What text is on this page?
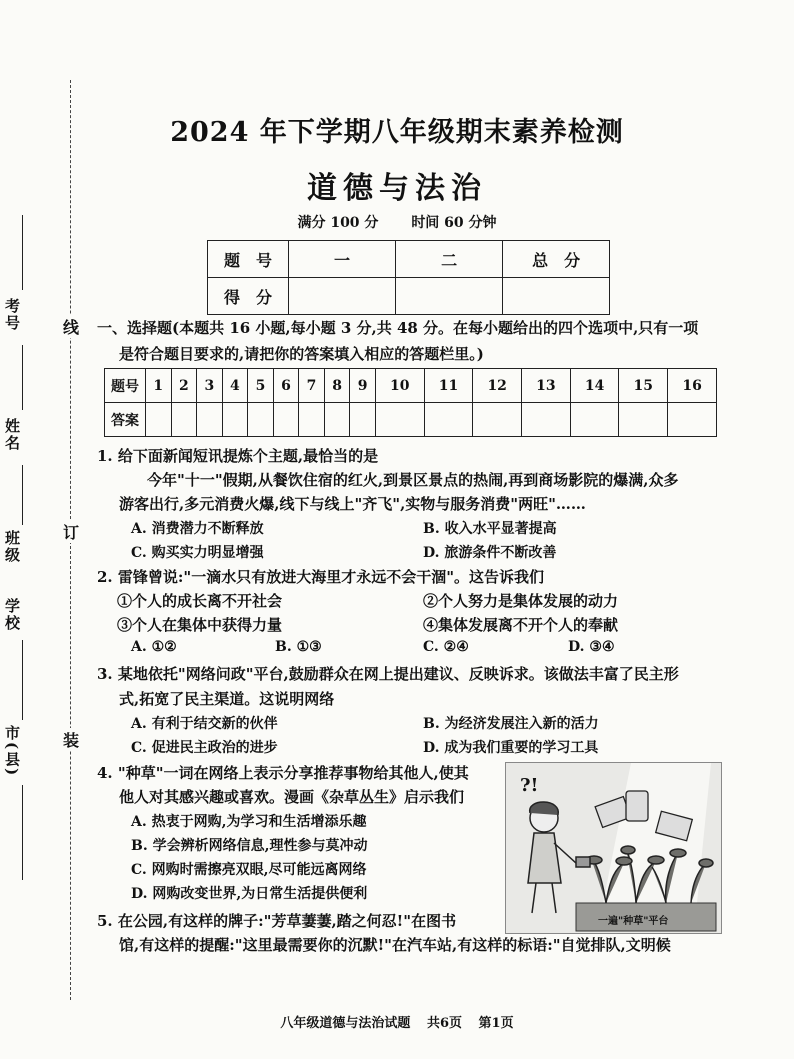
考号
姓名
班级
学校
市(县)
线
订
装
2024 年下学期八年级期末素养检测
道德与法治
满分 100 分 时间 60 分钟
题　号	一	二	总　分
得　分			
一、选择题(本题共 16 小题,每小题 3 分,共 48 分。在每小题给出的四个选项中,只有一项
是符合题目要求的,请把你的答案填入相应的答题栏里。)
题号	1	2	3	4	5	6	7	8	9	10	11	12	13	14	15	16
答案																
1. 给下面新闻短讯提炼个主题,最恰当的是
今年"十一"假期,从餐饮住宿的红火,到景区景点的热闹,再到商场影院的爆满,众多
游客出行,多元消费火爆,线下与线上"齐飞",实物与服务消费"两旺"……
A. 消费潜力不断释放	B. 收入水平显著提高
C. 购买实力明显增强	D. 旅游条件不断改善
2. 雷锋曾说:"一滴水只有放进大海里才永远不会干涸"。这告诉我们
①个人的成长离不开社会	②个人努力是集体发展的动力
③个人在集体中获得力量	④集体发展离不开个人的奉献
A. ①②	B. ①③	C. ②④	D. ③④
3. 某地依托"网络问政"平台,鼓励群众在网上提出建议、反映诉求。该做法丰富了民主形
式,拓宽了民主渠道。这说明网络
A. 有利于结交新的伙伴	B. 为经济发展注入新的活力
C. 促进民主政治的进步	D. 成为我们重要的学习工具
4. "种草"一词在网络上表示分享推荐事物给其他人,使其
他人对其感兴趣或喜欢。漫画《杂草丛生》启示我们
A. 热衷于网购,为学习和生活增添乐趣
B. 学会辨析网络信息,理性参与莫冲动
C. 网购时需擦亮双眼,尽可能远离网络
D. 网购改变世界,为日常生活提供便利
?!
一遍"种草"平台
5. 在公园,有这样的牌子:"芳草萋萋,踏之何忍!"在图书
馆,有这样的提醒:"这里最需要你的沉默!"在汽车站,有这样的标语:"自觉排队,文明候
八年级道德与法治试题 共6页 第1页
